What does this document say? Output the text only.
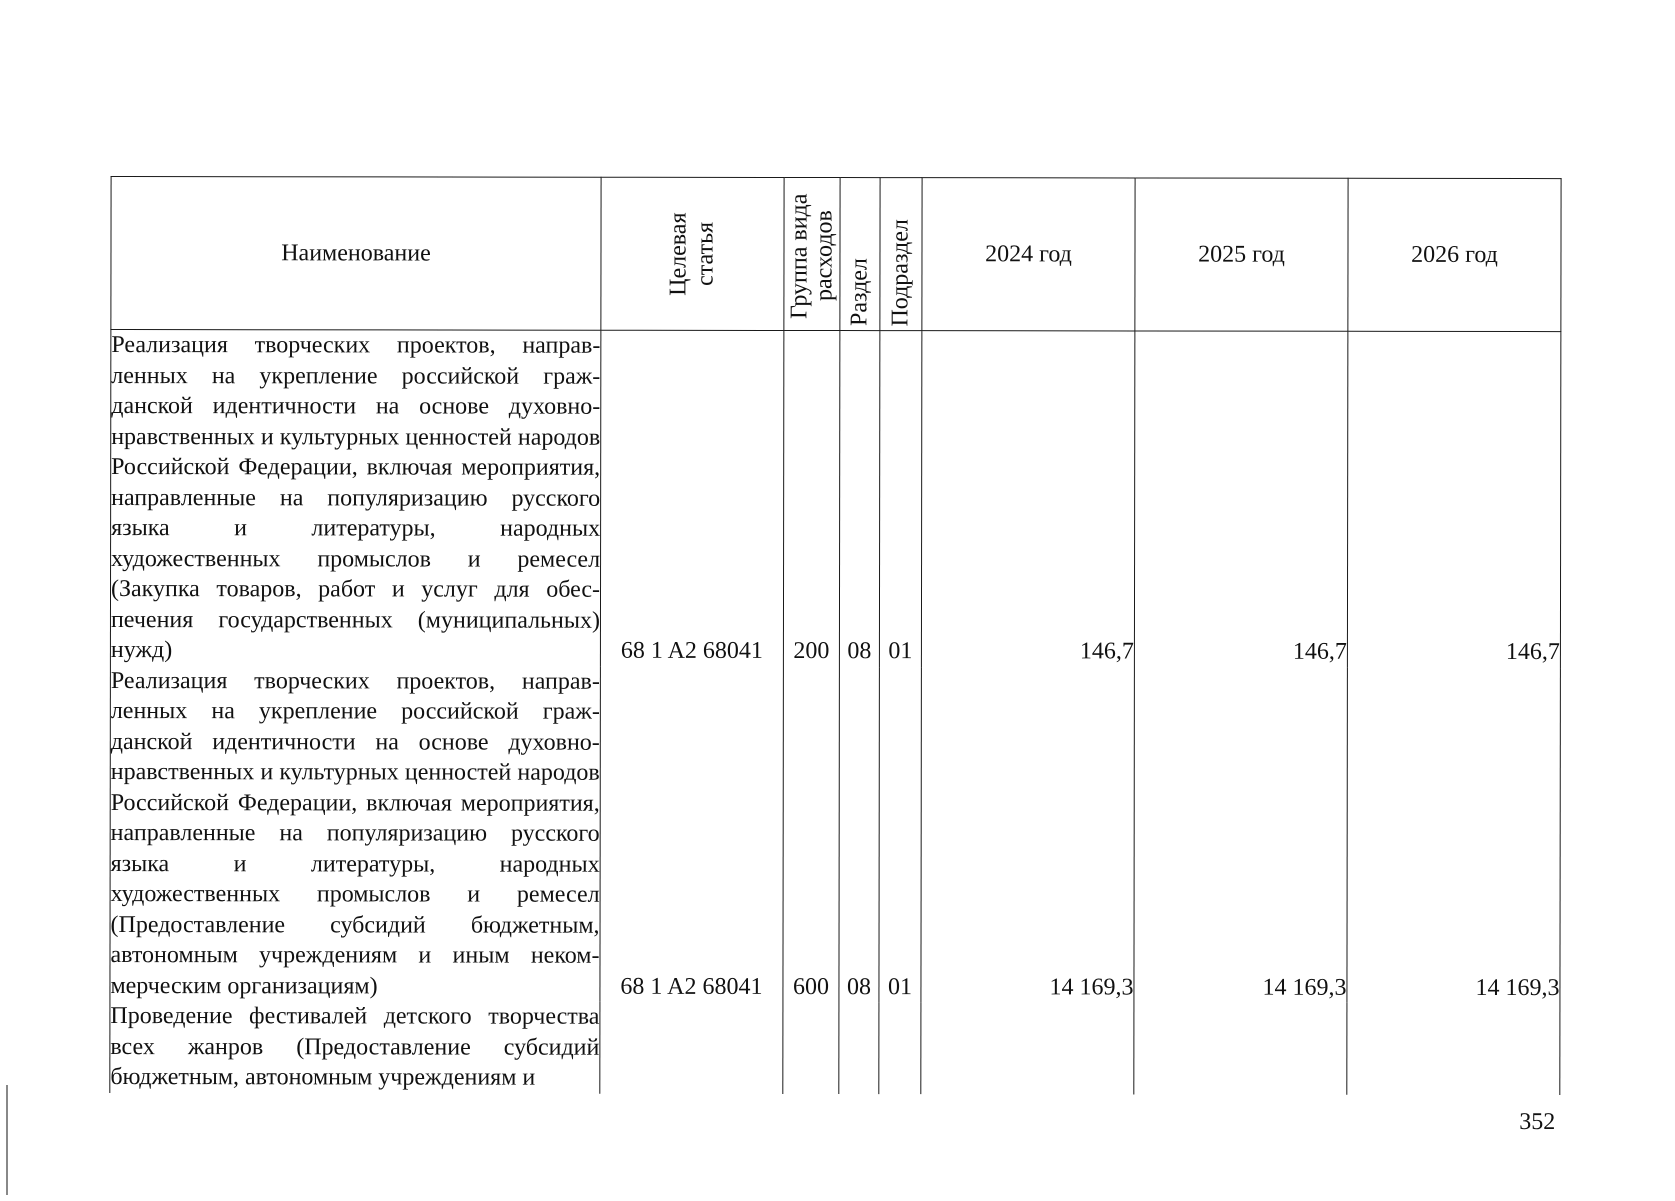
Наименование	Целевая статья	Группа вида расходов	Раздел	Подраздел	2024 год	2025 год	2026 год
Реализация творческих проектов, направленных на укрепление российской гражданской идентичности на основе духовно-нравственных и культурных ценностей народов Российской Федерации, включая мероприятия, направленные на популяризацию русского языка и литературы, народных художественных промыслов и ремесел (Закупка товаров, работ и услуг для обеспечения государственных (муниципальных) нужд)	68 1 A2 68041	200	08	01	146,7	146,7	146,7
Реализация творческих проектов, направленных на укрепление российской гражданской идентичности на основе духовно-нравственных и культурных ценностей народов Российской Федерации, включая мероприятия, направленные на популяризацию русского языка и литературы, народных художественных промыслов и ремесел (Предоставление субсидий бюджетным, автономным учреждениям и иным некоммерческим организациям)	68 1 A2 68041	600	08	01	14 169,3	14 169,3	14 169,3

Проведение фестивалей детского творчества всех жанров (Предоставление субсидий бюджетным, автономным учреждениям и							

352
